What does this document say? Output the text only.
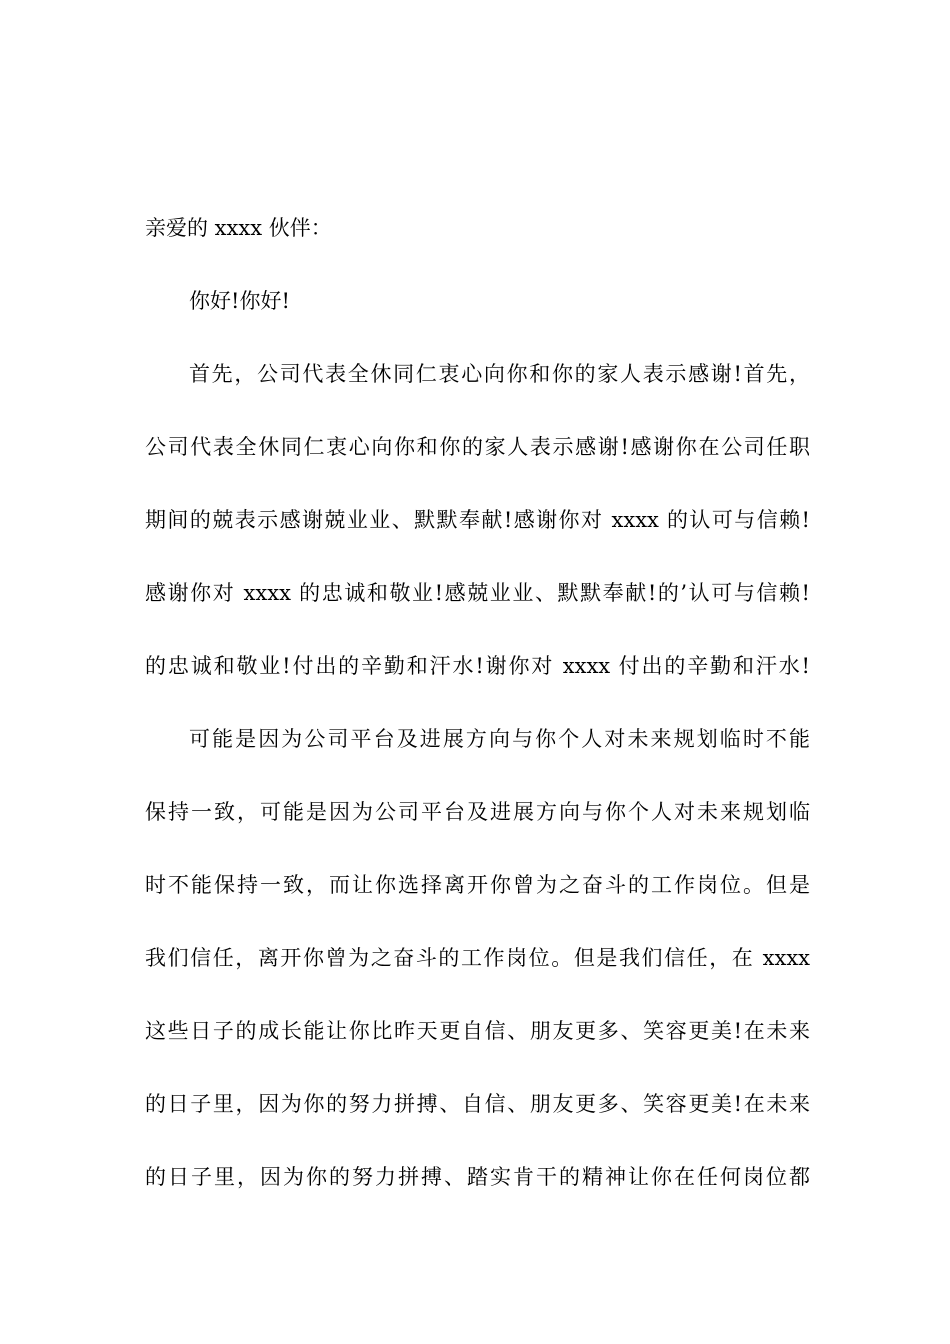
亲爱的 xxxx 伙伴：
你好!你好!
首先，公司代表全休同仁衷心向你和你的家人表示感谢!首先，
公司代表全休同仁衷心向你和你的家人表示感谢!感谢你在公司任职
期间的兢表示感谢兢业业、默默奉献!感谢你对 xxxx 的认可与信赖!
感谢你对 xxxx 的忠诚和敬业!感兢业业、默默奉献!的’认可与信赖!
的忠诚和敬业!付出的辛勤和汗水!谢你对 xxxx 付出的辛勤和汗水!
可能是因为公司平台及进展方向与你个人对未来规划临时不能
保持一致，可能是因为公司平台及进展方向与你个人对未来规划临
时不能保持一致，而让你选择离开你曾为之奋斗的工作岗位。但是
我们信任，离开你曾为之奋斗的工作岗位。但是我们信任，在 xxxx
这些日子的成长能让你比昨天更自信、朋友更多、笑容更美!在未来
的日子里，因为你的努力拼搏、自信、朋友更多、笑容更美!在未来
的日子里，因为你的努力拼搏、踏实肯干的精神让你在任何岗位都
